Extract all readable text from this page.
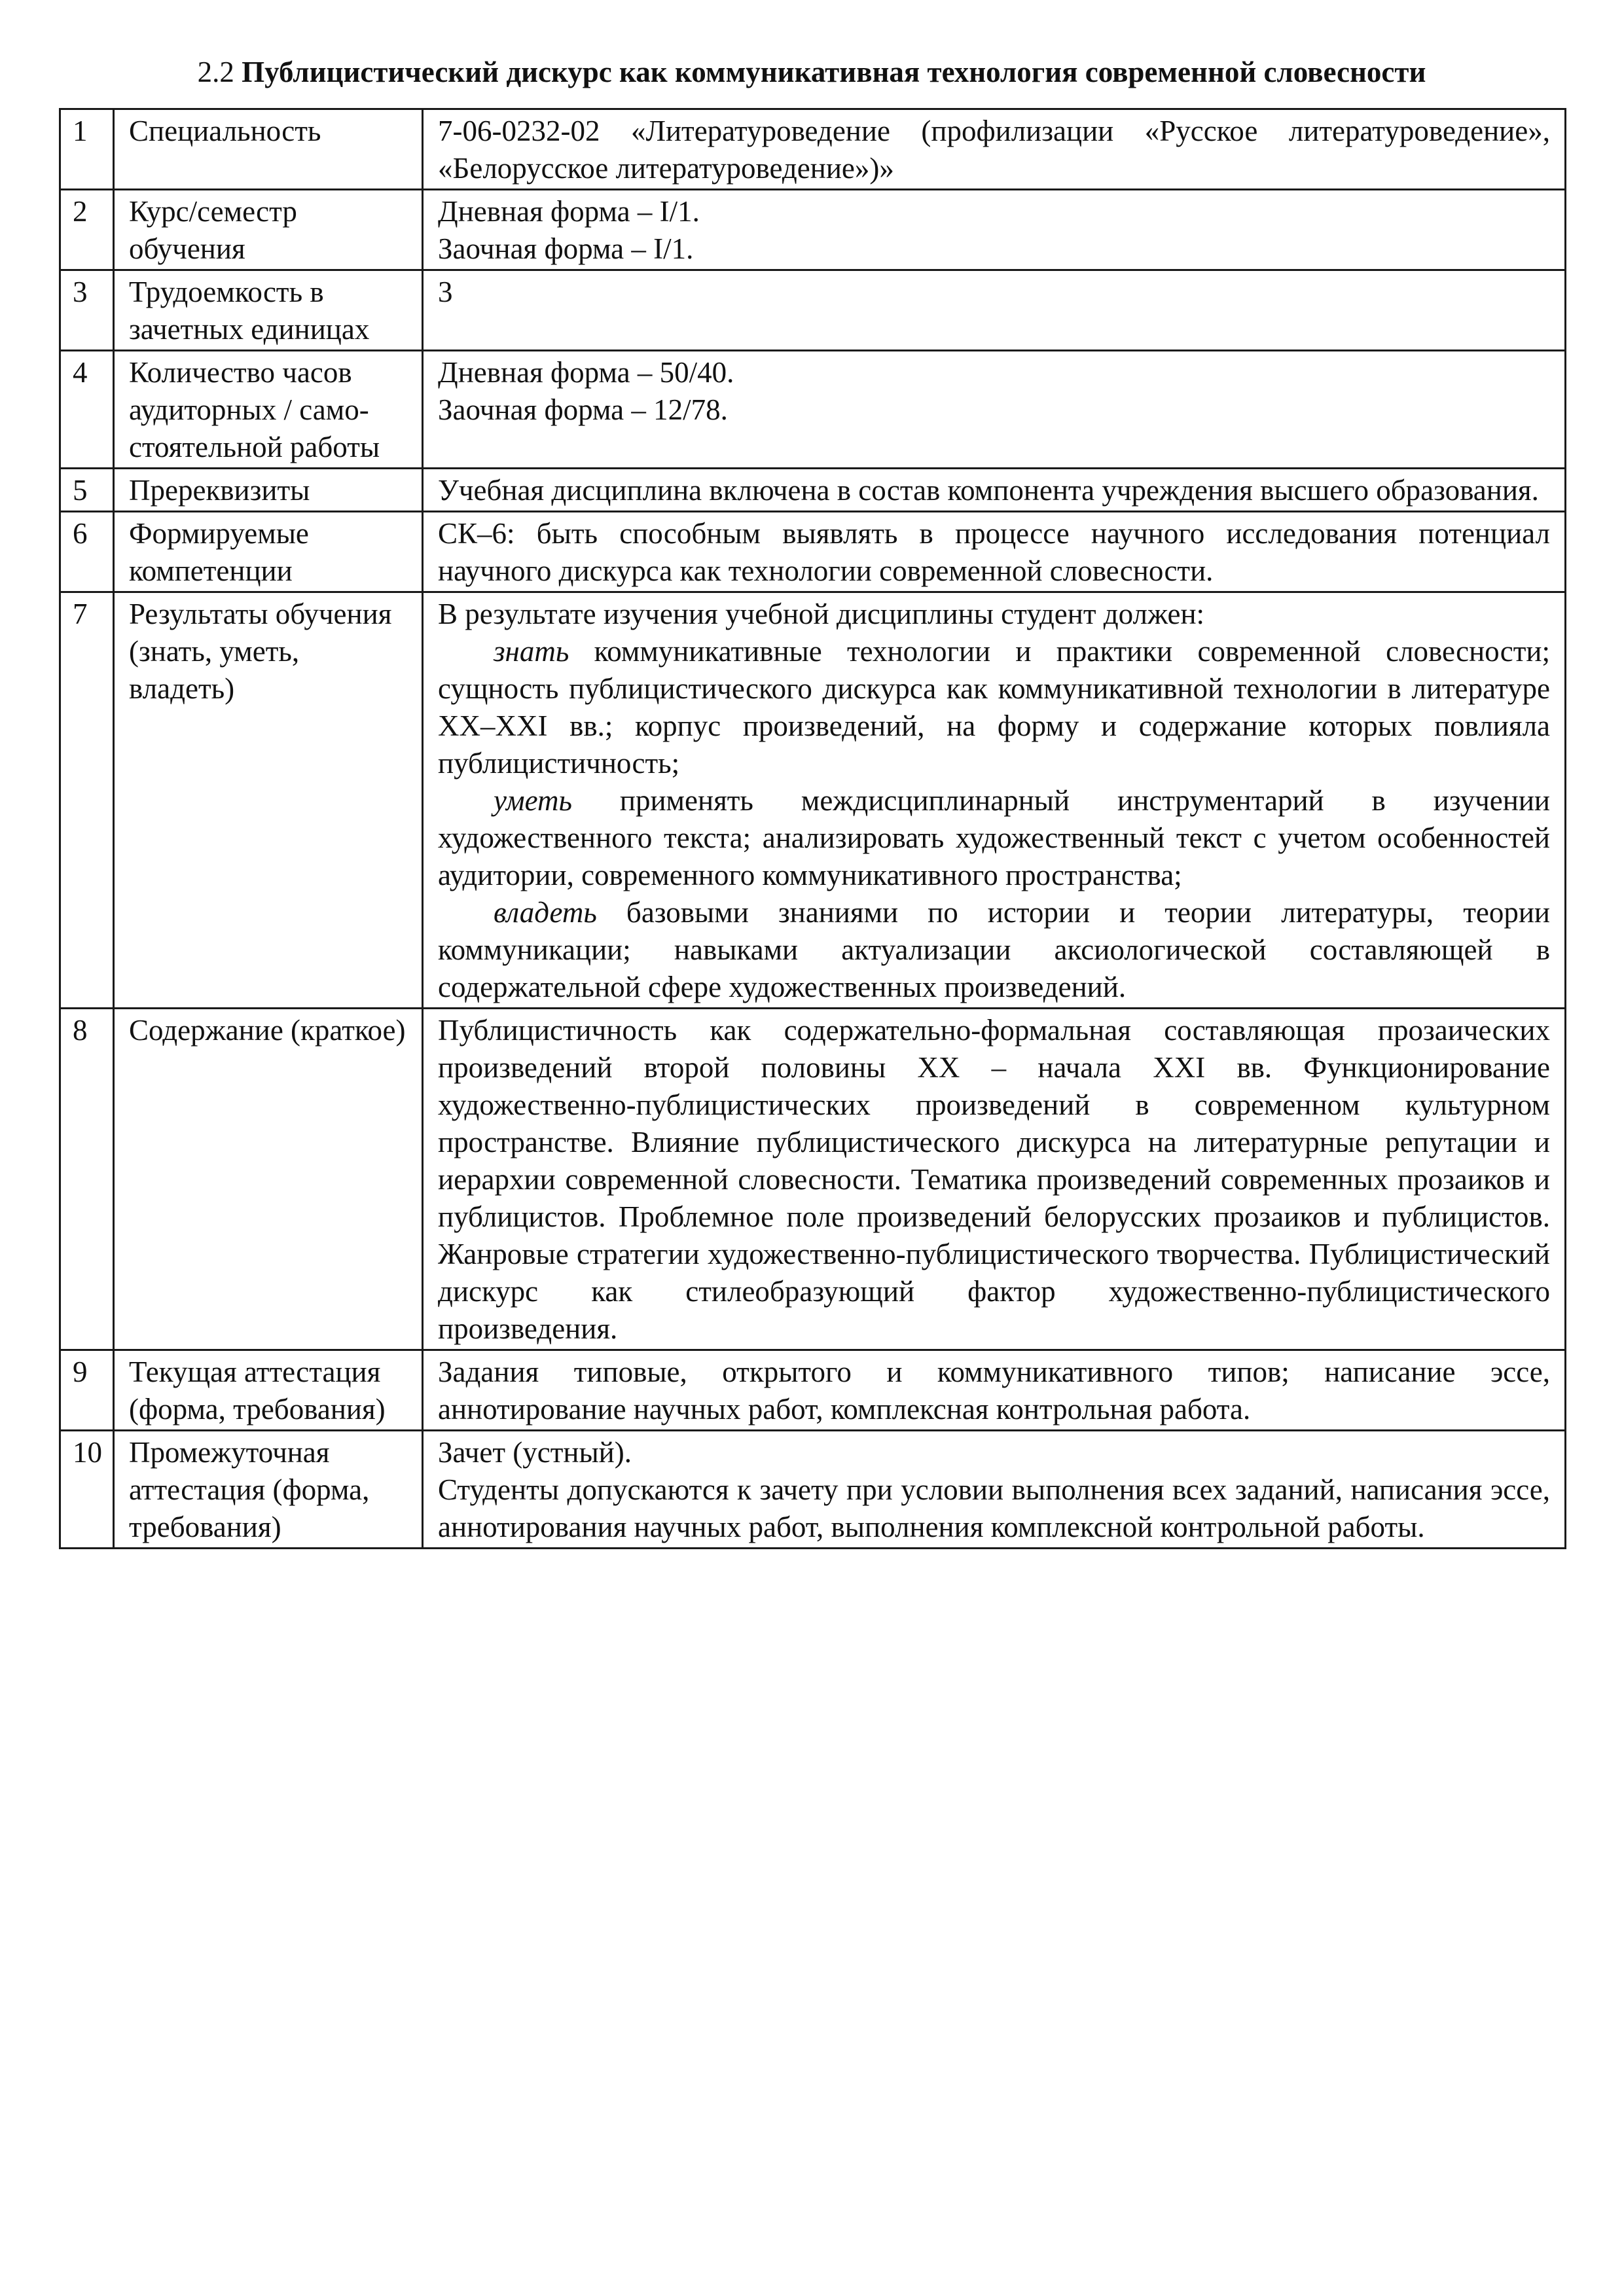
2.2 Публицистический дискурс как коммуникативная технология современной словесности
1	Специальность	7-06-0232-02 «Литературоведение (профилизации «Русское литературоведение», «Белорусское литературоведение»)»

2	Курс/семестр обучения	Дневная форма – I/1.

Заочная форма – I/1.

3	Трудоемкость в зачетных единицах	3

4	Количество часов аудиторных / само-стоятельной работы	Дневная форма – 50/40.

Заочная форма – 12/78.

5	Пререквизиты	Учебная дисциплина включена в состав компонента учреждения высшего образования.

6	Формируемые компетенции	СК–6: быть способным выявлять в процессе научного исследования потенциал научного дискурса как технологии современной словесности.

7	Результаты обучения (знать, уметь, владеть)	В результате изучения учебной дисциплины студент должен:

знать коммуникативные технологии и практики современной словесности; сущность публицистического дискурса как коммуникативной технологии в литературе XX–XXI вв.; корпус произведений, на форму и содержание которых повлияла публицистичность;

уметь применять междисциплинарный инструментарий в изучении художественного текста; анализировать художественный текст с учетом особенностей аудитории, современного коммуникативного пространства;

владеть базовыми знаниями по истории и теории литературы, теории коммуникации; навыками актуализации аксиологической составляющей в содержательной сфере художественных произведений.

8	Содержание (краткое)	Публицистичность как содержательно-формальная составляющая прозаических произведений второй половины XX – начала XXI вв. Функционирование художественно-публицистических произведений в современном культурном пространстве. Влияние публицистического дискурса на литературные репутации и иерархии современной словесности. Тематика произведений современных прозаиков и публицистов. Проблемное поле произведений белорусских прозаиков и публицистов. Жанровые стратегии художественно-публицистического творчества. Публицистический дискурс как стилеобразующий фактор художественно-публицистического произведения.

9	Текущая аттестация (форма, требования)	Задания типовые, открытого и коммуникативного типов; написание эссе, аннотирование научных работ, комплексная контрольная работа.

10	Промежуточная аттестация (форма, требования)	Зачет (устный).

Студенты допускаются к зачету при условии выполнения всех заданий, написания эссе, аннотирования научных работ, выполнения комплексной контрольной работы.
